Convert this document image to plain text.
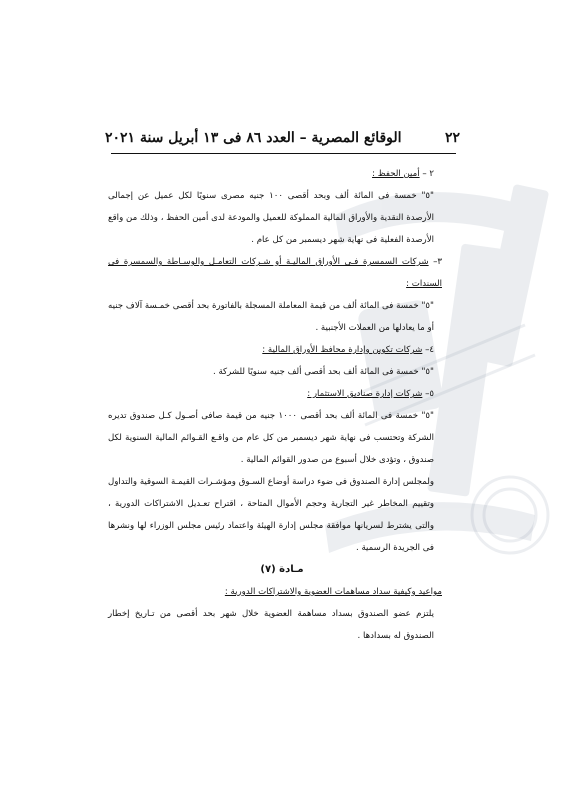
٢٢
الوقائع المصرية – العدد ٨٦ فى ١٣ أبريل سنة ٢٠٢١

٢ – أمين الحفظ :

"٥" خمسة فى المائة ألف وبحد أقصى ١٠٠ جنيه مصرى سنويًا لكل عميل عن إجمالى الأرصدة النقدية والأوراق المالية المملوكة للعميل والمودعة لدى أمين الحفظ ، وذلك من واقع الأرصدة الفعلية فى نهاية شهر ديسمبر من كل عام .

٣– شركات السمسرة فـى الأوراق الماليـة أو شـركات التعامـل والوسـاطة والسمسرة فى السندات :

"٥" خمسة فى المائة ألف من قيمة المعاملة المسجلة بالفاتورة بحد أقصى خمـسة آلاف جنيه أو ما يعادلها من العملات الأجنبية .

٤– شركات تكوين وإدارة محافظ الأوراق المالية :

"٥" خمسة فى المائة ألف بحد أقصى ألف جنيه سنويًا للشركة .

٥– شركات إدارة صناديق الاستثمار :

"٥" خمسة فى المائة ألف بحد أقصى ١٠٠٠ جنيه من قيمة صافى أصـول كـل صندوق تديره الشركة وتحتسب فى نهاية شهر ديسمبر من كل عام من واقـع القـوائم المالية السنوية لكل صندوق ، وتؤدى خلال أسبوع من صدور القوائم المالية .

ولمجلس إدارة الصندوق فى ضوء دراسة أوضاع السـوق ومؤشـرات القيمـة السوقية والتداول وتقييم المخاطر غير التجارية وحجم الأموال المتاحة ، اقتراح تعـديل الاشتراكات الدورية ، والتى يشترط لسريانها موافقة مجلس إدارة الهيئة واعتماد رئيس مجلس الوزراء لها ونشرها فى الجريدة الرسمية .

مـادة (٧)

مواعيد وكيفية سداد مساهمات العضوية والاشتراكات الدورية :

يلتزم عضو الصندوق بسداد مساهمة العضوية خلال شهر بحد أقصى من تـاريخ إخطار الصندوق له بسدادها .
